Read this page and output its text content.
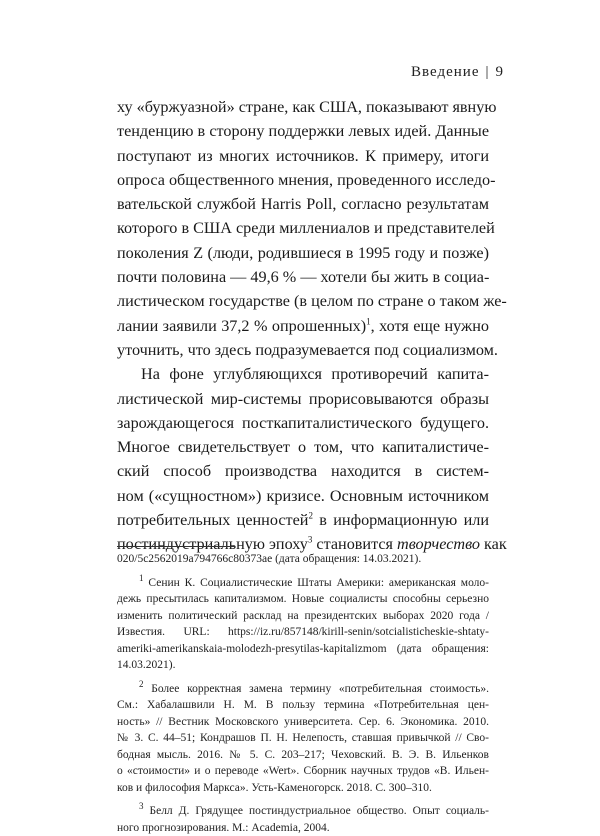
Введение | 9

ху «буржуазной» стране, как США, показывают явную
тенденцию в сторону поддержки левых идей. Данные
поступают из многих источников. К примеру, итоги
опроса общественного мнения, проведенного исследо-
вательской службой Harris Poll, согласно результатам
которого в США среди миллениалов и представителей
поколения Z (люди, родившиеся в 1995 году и позже)
почти половина — 49,6 % — хотели бы жить в социа-
листическом государстве (в целом по стране о таком же-
лании заявили 37,2 % опрошенных)$^1$, хотя еще нужно
уточнить, что здесь подразумевается под социализмом.

На фоне углубляющихся противоречий капита-
листической мир-системы прорисовываются образы
зарождающегося посткапиталистического будущего.
Многое свидетельствует о том, что капиталистиче-
ский способ производства находится в систем-
ном («сущностном») кризисе. Основным источником
потребительных ценностей$^2$ в информационную или
постиндустриальную эпоху$^3$ становится творчество как

020/5c2562019a794766c80373ae (дата обращения: 14.03.2021).
$^1$ Сенин К. Социалистические Штаты Америки: американская моло-
дежь пресытилась капитализмом. Новые социалисты способны серьезно
изменить политический расклад на президентских выборах 2020 года /
Известия. URL: https://iz.ru/857148/kirill-senin/sotcialisticheskie-shtaty-
ameriki-amerikanskaia-molodezh-presytilas-kapitalizmom (дата обращения:
14.03.2021).
$^2$ Более корректная замена термину «потребительная стоимость».
См.: Хабалашвили Н. М. В пользу термина «Потребительная цен-
ность» // Вестник Московского университета. Сер. 6. Экономика. 2010.
№ 3. С. 44–51; Кондрашов П. Н. Нелепость, ставшая привычкой // Сво-
бодная мысль. 2016. № 5. С. 203–217; Чеховский. В. Э. В. Ильенков
о «стоимости» и о переводе «Wert». Сборник научных трудов «В. Ильен-
ков и философия Маркса». Усть-Каменогорск. 2018. С. 300–310.
$^3$ Белл Д. Грядущее постиндустриальное общество. Опыт социаль-
ного прогнозирования. М.: Academia, 2004.
